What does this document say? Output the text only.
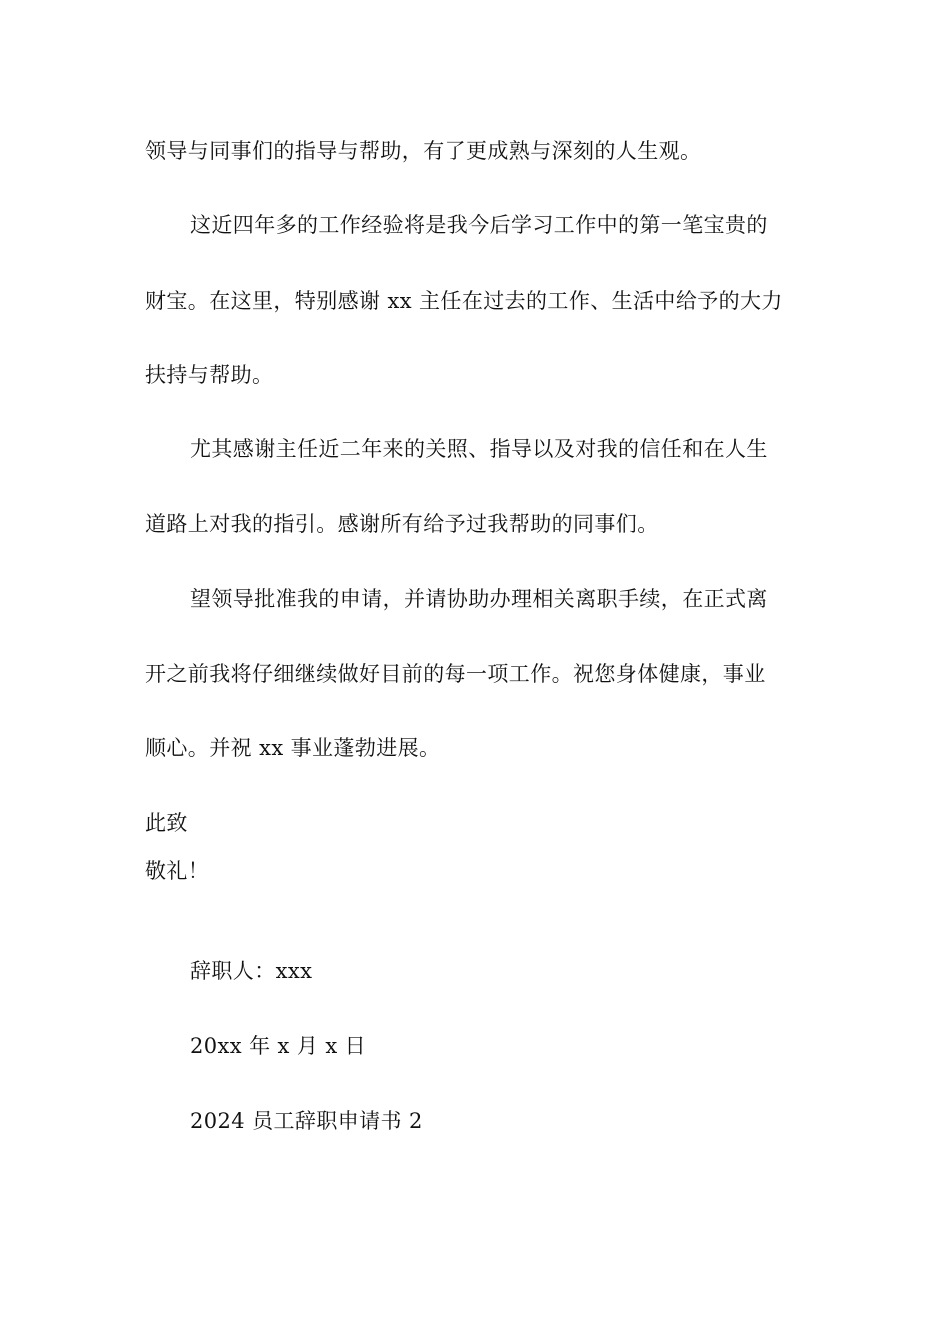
领导与同事们的指导与帮助，有了更成熟与深刻的人生观。
这近四年多的工作经验将是我今后学习工作中的第一笔宝贵的
财宝。在这里，特别感谢 xx 主任在过去的工作、生活中给予的大力
扶持与帮助。
尤其感谢主任近二年来的关照、指导以及对我的信任和在人生
道路上对我的指引。感谢所有给予过我帮助的同事们。
望领导批准我的申请，并请协助办理相关离职手续，在正式离
开之前我将仔细继续做好目前的每一项工作。祝您身体健康，事业
顺心。并祝 xx 事业蓬勃进展。
此致
敬礼！
辞职人：xxx
20xx 年 x 月 x 日
2024 员工辞职申请书 2
